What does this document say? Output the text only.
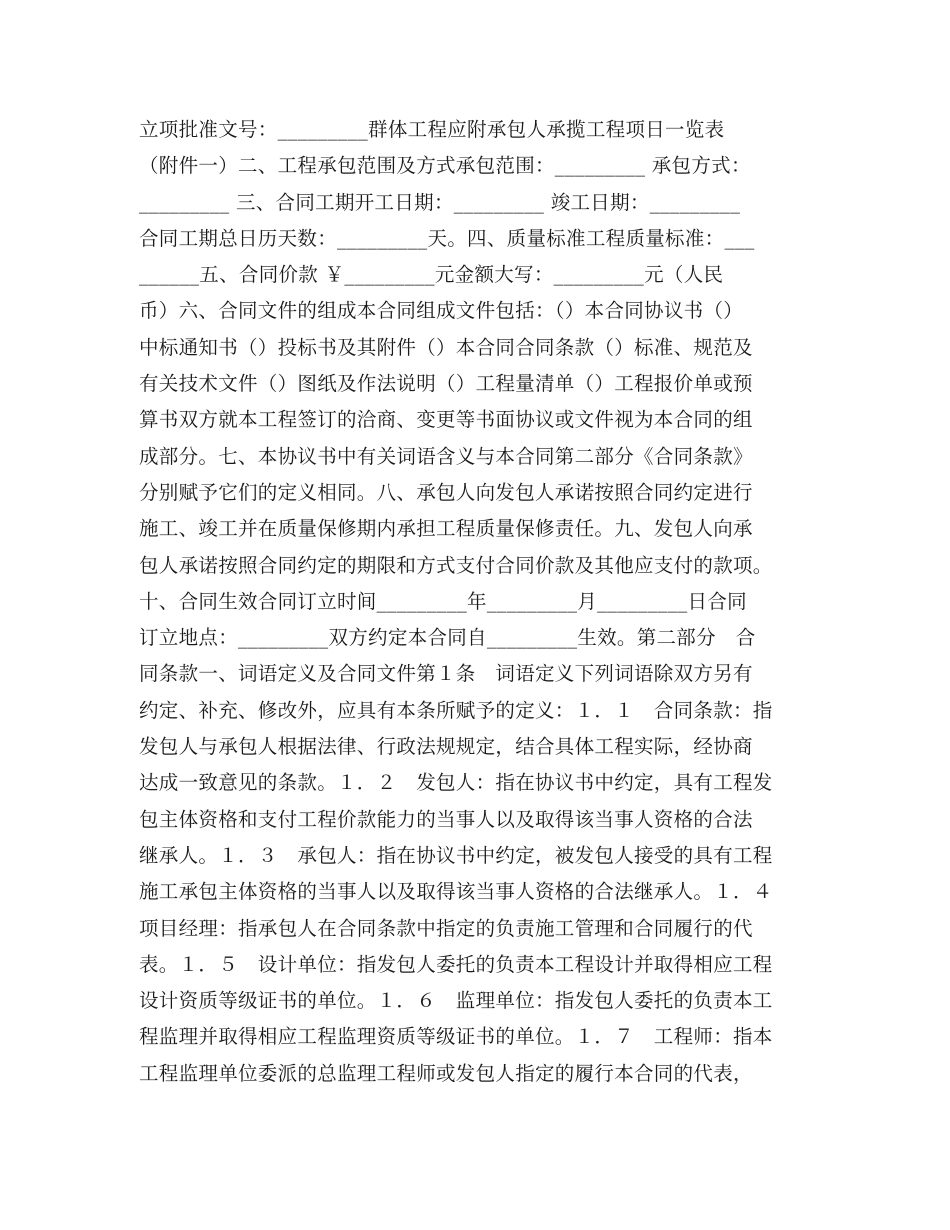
立项批准文号：_________群体工程应附承包人承揽工程项日一览表
（附件一）二、工程承包范围及方式承包范围：_________ 承包方式：
_________ 三、合同工期开工日期：_________ 竣工日期：_________
合同工期总日历天数：_________天。四、质量标准工程质量标准：___
______五、合同价款 ￥_________元金额大写：_________元（人民
币）六、合同文件的组成本合同组成文件包括：（）本合同协议书（）
中标通知书（）投标书及其附件（）本合同合同条款（）标准、规范及
有关技术文件（）图纸及作法说明（）工程量清单（）工程报价单或预
算书双方就本工程签订的洽商、变更等书面协议或文件视为本合同的组
成部分。七、本协议书中有关词语含义与本合同第二部分《合同条款》
分别赋予它们的定义相同。八、承包人向发包人承诺按照合同约定进行
施工、竣工并在质量保修期内承担工程质量保修责任。九、发包人向承
包人承诺按照合同约定的期限和方式支付合同价款及其他应支付的款项。
十、合同生效合同订立时间_________年_________月_________日合同
订立地点：_________双方约定本合同自_________生效。第二部分　合
同条款一、词语定义及合同文件第１条　词语定义下列词语除双方另有
约定、补充、修改外，应具有本条所赋予的定义：１．１　合同条款：指
发包人与承包人根据法律、行政法规规定，结合具体工程实际，经协商
达成一致意见的条款。１．２　发包人：指在协议书中约定，具有工程发
包主体资格和支付工程价款能力的当事人以及取得该当事人资格的合法
继承人。１．３　承包人：指在协议书中约定，被发包人接受的具有工程
施工承包主体资格的当事人以及取得该当事人资格的合法继承人。１．４
项目经理：指承包人在合同条款中指定的负责施工管理和合同履行的代
表。１．５　设计单位：指发包人委托的负责本工程设计并取得相应工程
设计资质等级证书的单位。１．６　监理单位：指发包人委托的负责本工
程监理并取得相应工程监理资质等级证书的单位。１．７　工程师：指本
工程监理单位委派的总监理工程师或发包人指定的履行本合同的代表，
